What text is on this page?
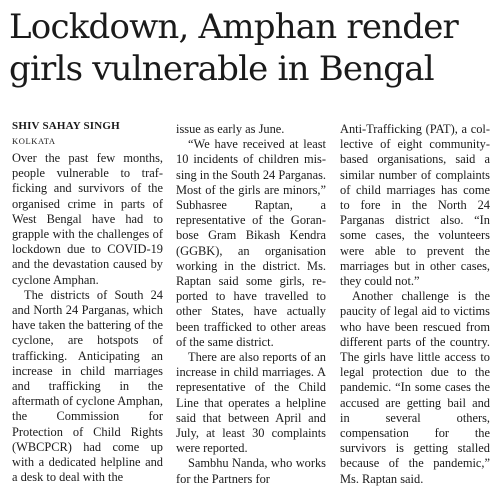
Lockdown, Amphan render
girls vulnerable in Bengal
SHIV SAHAY SINGH
KOLKATA

Over the past few months, people vulnerable to trafficking and survivors of the organised crime in parts of West Bengal have had to grapple with the challenges of lockdown due to COVID-19 and the devastation caused by cyclone Amphan.

The districts of South 24 and North 24 Parganas, which have taken the battering of the cyclone, are hotspots of trafficking. Anticipating an increase in child marriages and trafficking in the aftermath of cyclone Amphan, the Commission for Protection of Child Rights (WBCPCR) had come up with a dedicated helpline and a desk to deal with the

issue as early as June.

“We have received at least 10 incidents of children missing in the South 24 Parganas. Most of the girls are minors,” Subhasree Raptan, a representative of the Goranbose Gram Bikash Kendra (GGBK), an organisation working in the district. Ms. Raptan said some girls, reported to have travelled to other States, have actually been trafficked to other areas of the same district.

There are also reports of an increase in child marriages. A representative of the Child Line that operates a helpline said that between April and July, at least 30 complaints were reported.

Sambhu Nanda, who works for the Partners for

Anti-Trafficking (PAT), a collective of eight community-based organisations, said a similar number of complaints of child marriages has come to fore in the North 24 Parganas district also. “In some cases, the volunteers were able to prevent the marriages but in other cases, they could not.”

Another challenge is the paucity of legal aid to victims who have been rescued from different parts of the country. The girls have little access to legal protection due to the pandemic. “In some cases the accused are getting bail and in several others, compensation for the survivors is getting stalled because of the pandemic,” Ms. Raptan said.
